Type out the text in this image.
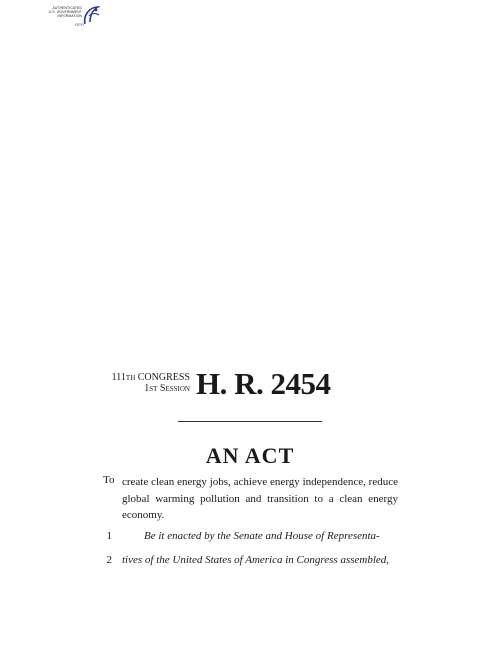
AUTHENTICATED
U.S. GOVERNMENT
INFORMATION
GPO
111th CONGRESS
1st Session H. R. 2454
AN ACT
To create clean energy jobs, achieve energy independence, reduce global warming pollution and transition to a clean energy economy.
1	Be it enacted by the Senate and House of Representa-
2 tives of the United States of America in Congress assembled,
